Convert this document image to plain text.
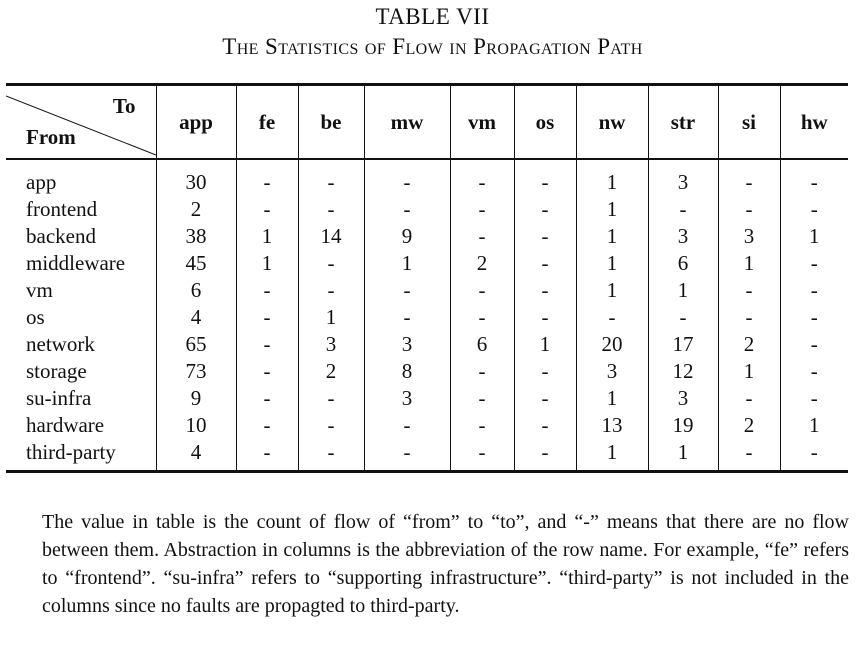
TABLE VII
The Statistics of Flow in Propagation Path
To
From	app	fe	be	mw	vm	os	nw	str	si	hw
app	30	-	-	-	-	-	1	3	-	-
frontend	2	-	-	-	-	-	1	-	-	-
backend	38	1	14	9	-	-	1	3	3	1
middleware	45	1	-	1	2	-	1	6	1	-
vm	6	-	-	-	-	-	1	1	-	-
os	4	-	1	-	-	-	-	-	-	-
network	65	-	3	3	6	1	20	17	2	-
storage	73	-	2	8	-	-	3	12	1	-
su-infra	9	-	-	3	-	-	1	3	-	-
hardware	10	-	-	-	-	-	13	19	2	1
third-party	4	-	-	-	-	-	1	1	-	-
The value in table is the count of flow of “from” to “to”, and “-” means that there are no flow between them. Abstraction in columns is the abbreviation of the row name. For example, “fe” refers to “frontend”. “su-infra” refers to “supporting infrastructure”. “third-party” is not included in the columns since no faults are propagted to third-party.
